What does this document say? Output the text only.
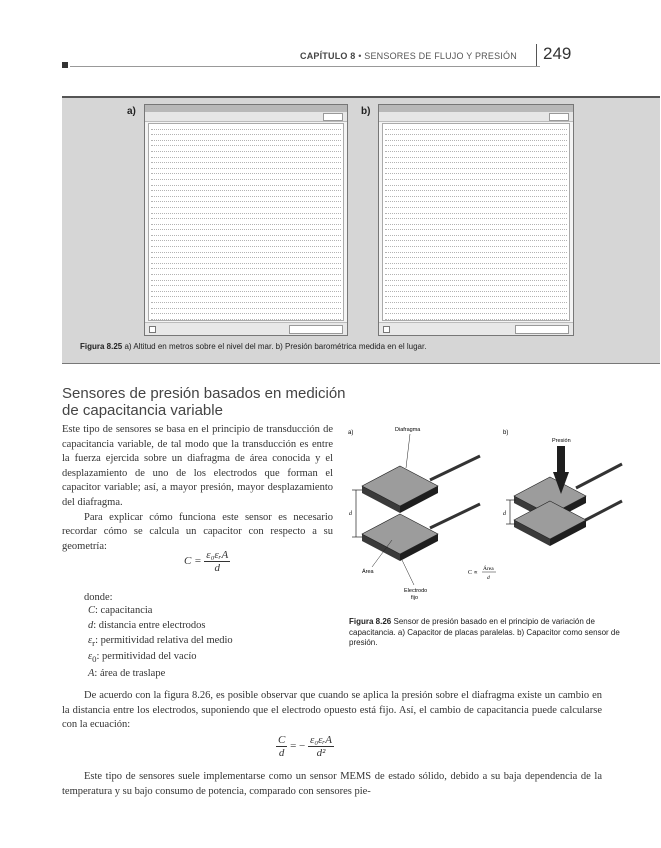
CAPÍTULO 8 • SENSORES DE FLUJO Y PRESIÓN 249
a)	b)
Figura 8.25 a) Altitud en metros sobre el nivel del mar. b) Presión barométrica medida en el lugar.
Sensores de presión basados en medición
de capacitancia variable

Este tipo de sensores se basa en el principio de transducción de capacitancia variable, de tal modo que la transducción es entre la fuerza ejercida sobre un diafragma de área conocida y el desplazamiento de uno de los electrodos que forman el capacitor variable; así, a mayor presión, mayor desplazamiento del diafragma.

Para explicar cómo funciona este sensor es necesario recordar cómo se calcula un capacitor con respecto a su geometría:

$C = \frac{\text{ε₀εᵣA}}{d}$
donde:
C: capacitancia
d: distancia entre electrodos
$\varepsilon_r$: permitividad relativa del medio
$\varepsilon_0$: permitividad del vacío
A: área de traslape
a)	b)
d
Diafragma
Área
Electrodo
fijo
Presión
d
C ∝
Área
d
Figura 8.26 Sensor de presión basado en el principio de variación de capacitancia. a) Capacitor de placas paralelas. b) Capacitor como sensor de presión.

De acuerdo con la figura 8.26, es posible observar que cuando se aplica la presión sobre el diafragma existe un cambio en la distancia entre los electrodos, suponiendo que el electrodo opuesto está fijo. Así, el cambio de capacitancia puede calcularse con la ecuación:

$\frac{C}{d}$ = − $\frac{\text{ε₀εᵣA}}{\text{d²}}$

Este tipo de sensores suele implementarse como un sensor MEMS de estado sólido, debido a su baja dependencia de la temperatura y su bajo consumo de potencia, comparado con sensores pie-
